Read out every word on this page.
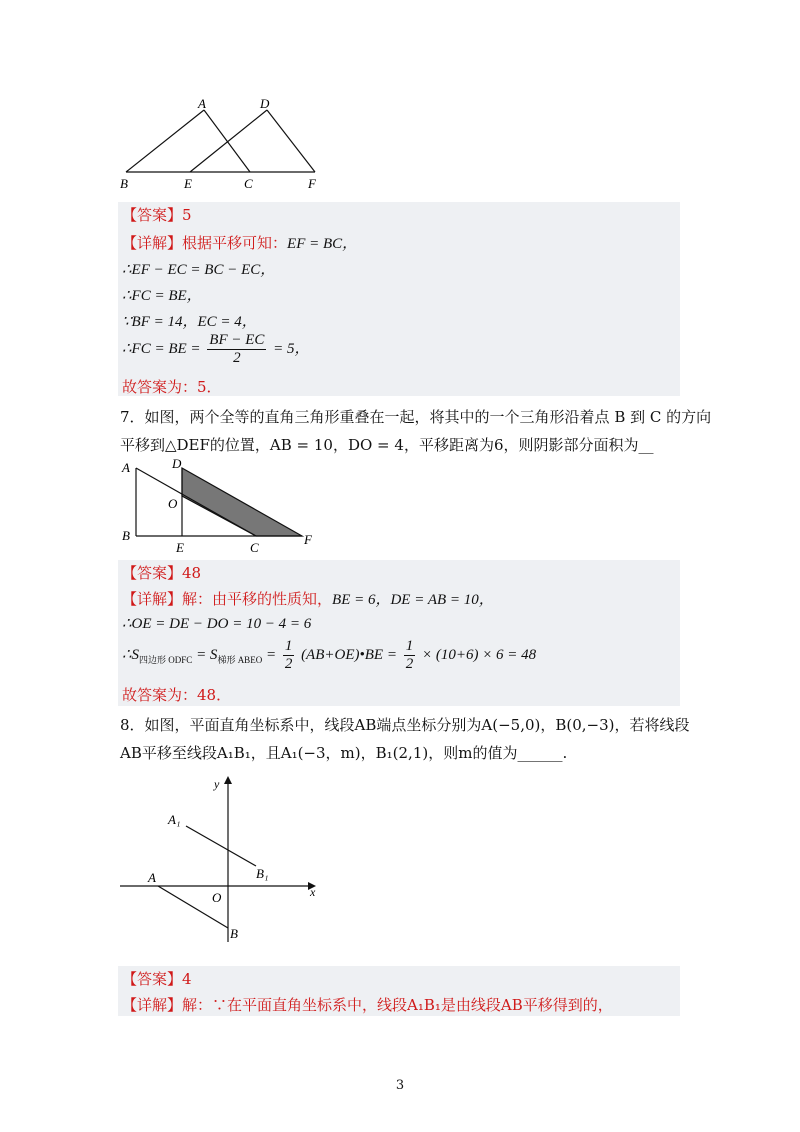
A	D
B	E	C	F
【答案】5
【详解】根据平移可知：EF = BC，
∴EF − EC = BC − EC，
∴FC = BE，
∵BF = 14，EC = 4，
∴FC = BE = $\frac{BF - EC}{2} = 5$，
故答案为：5．
7．如图，两个全等的直角三角形重叠在一起，将其中的一个三角形沿着点 B 到 C 的方向
平移到△DEF的位置，AB = 10，DO = 4，平移距离为6，则阴影部分面积为__
A	D
O
B
E	C
F
【答案】48
【详解】解：由平移的性质知，BE = 6，DE = AB = 10，
∴OE = DE − DO = 10 − 4 = 6
$\therefore S_{四边形 ODFC} = S_{梯形 ABEO} = \frac{1}{2}$ (AB+OE)•BE = $\frac{1}{2} \times (10+6) \times 6 = 48$
故答案为：48．
8．如图，平面直角坐标系中，线段AB端点坐标分别为A(−5,0)，B(0,−3)，若将线段
AB平移至线段A₁B₁，且A₁(−3，m)，B₁(2,1)，则m的值为______.
y
x
A₁
B₁
A
O
B
【答案】4
【详解】解：∵在平面直角坐标系中，线段A₁B₁是由线段AB平移得到的，
3
